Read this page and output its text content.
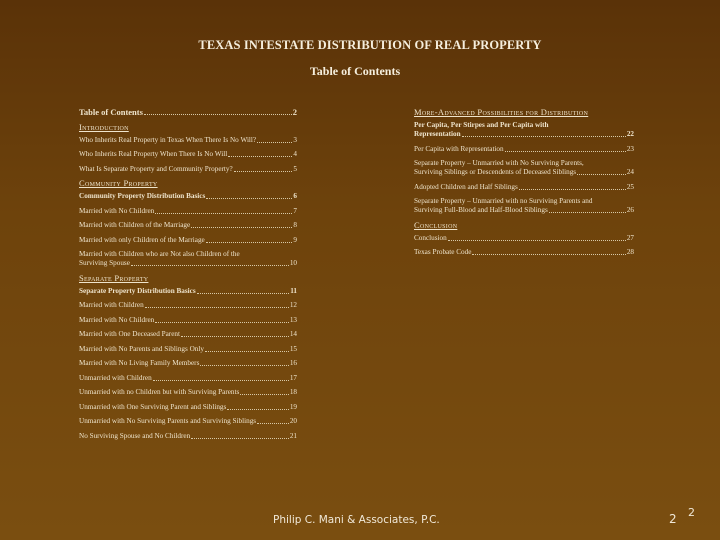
TEXAS INTESTATE DISTRIBUTION OF REAL PROPERTY
Table of Contents
Table of Contents	2
Introduction
Who Inherits Real Property in Texas When There Is No Will?	3
Who Inherits Real Property When There Is No Will	4
What Is Separate Property and Community Property?	5
Community Property
Community Property Distribution Basics	6
Married with No Children	7
Married with Children of the Marriage	8
Married with only Children of the Marriage	9
Married with Children who are Not also Children of the
Surviving Spouse	10
Separate Property
Separate Property Distribution Basics	11
Married with Children	12
Married with No Children	13
Married with One Deceased Parent	14
Married with No Parents and Siblings Only	15
Married with No Living Family Members	16
Unmarried with Children	17
Unmarried with no Children but with Surviving Parents	18
Unmarried with One Surviving Parent and Siblings	19
Unmarried with No Surviving Parents and Surviving Siblings	20
No Surviving Spouse and No Children	21
More-Advanced Possibilities for Distribution
Per Capita, Per Stirpes and Per Capita with
Representation	22
Per Capita with Representation	23
Separate Property – Unmarried with No Surviving Parents,
Surviving Siblings or Descendents of Deceased Siblings	24
Adopted Children and Half Siblings	25
Separate Property – Unmarried with no Surviving Parents and
Surviving Full-Blood and Half-Blood Siblings	26
Conclusion
Conclusion	27
Texas Probate Code	28
Philip C. Mani & Associates, P.C.	2 2
